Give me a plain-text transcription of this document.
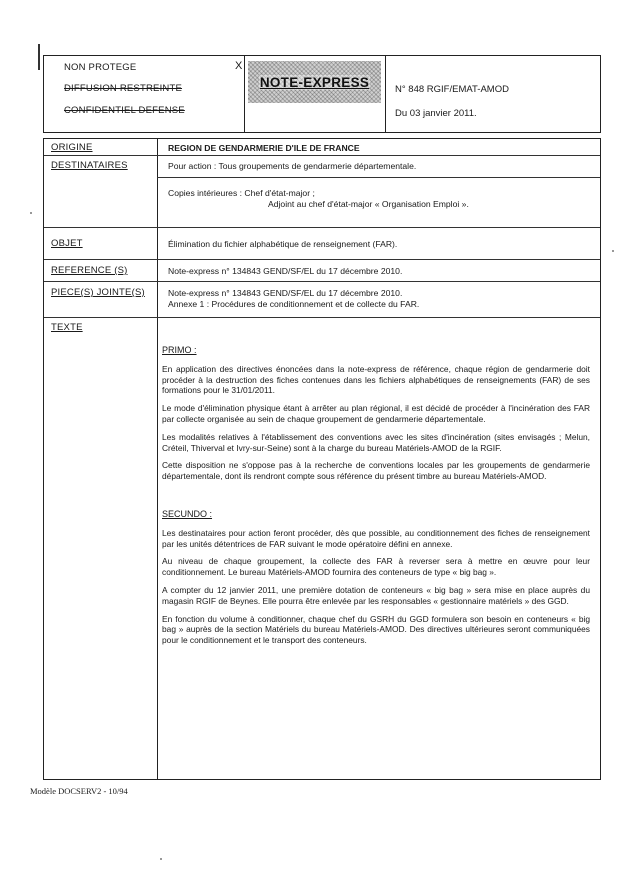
NON PROTEGE
DIFFUSION RESTREINTE
CONFIDENTIEL DEFENSE
X
NOTE-EXPRESS	N° 848 RGIF/EMAT-AMOD
Du 03 janvier 2011.
ORIGINE	REGION DE GENDARMERIE D'ILE DE FRANCE
DESTINATAIRES	Pour action : Tous groupements de gendarmerie départementale.
Copies intérieures : Chef d'état-major ;
Adjoint au chef d'état-major « Organisation Emploi ».
OBJET	Élimination du fichier alphabétique de renseignement (FAR).
REFERENCE (S)	Note-express n° 134843 GEND/SF/EL du 17 décembre 2010.
PIECE(S) JOINTE(S)	Note-express n° 134843 GEND/SF/EL du 17 décembre 2010.
Annexe 1 : Procédures de conditionnement et de collecte du FAR.
TEXTE
PRIMO :

En application des directives énoncées dans la note-express de référence, chaque région de gendarmerie doit procéder à la destruction des fiches contenues dans les fichiers alphabétiques de renseignements (FAR) de ses formations pour le 31/01/2011.

Le mode d'élimination physique étant à arrêter au plan régional, il est décidé de procéder à l'incinération des FAR par collecte organisée au sein de chaque groupement de gendarmerie départementale.

Les modalités relatives à l'établissement des conventions avec les sites d'incinération (sites envisagés ; Melun, Créteil, Thiverval et Ivry-sur-Seine) sont à la charge du bureau Matériels-AMOD de la RGIF.

Cette disposition ne s'oppose pas à la recherche de conventions locales par les groupements de gendarmerie départementale, dont ils rendront compte sous référence du présent timbre au bureau Matériels-AMOD.

SECUNDO :

Les destinataires pour action feront procéder, dès que possible, au conditionnement des fiches de renseignement par les unités détentrices de FAR suivant le mode opératoire défini en annexe.

Au niveau de chaque groupement, la collecte des FAR à reverser sera à mettre en œuvre pour leur conditionnement. Le bureau Matériels-AMOD fournira des conteneurs de type « big bag ».

A compter du 12 janvier 2011, une première dotation de conteneurs « big bag » sera mise en place auprès du magasin RGIF de Beynes. Elle pourra être enlevée par les responsables « gestionnaire matériels » des GGD.

En fonction du volume à conditionner, chaque chef du GSRH du GGD formulera son besoin en conteneurs « big bag » auprès de la section Matériels du bureau Matériels-AMOD. Des directives ultérieures seront communiquées pour le conditionnement et le transport des conteneurs.

Modèle DOCSERV2 - 10/94
